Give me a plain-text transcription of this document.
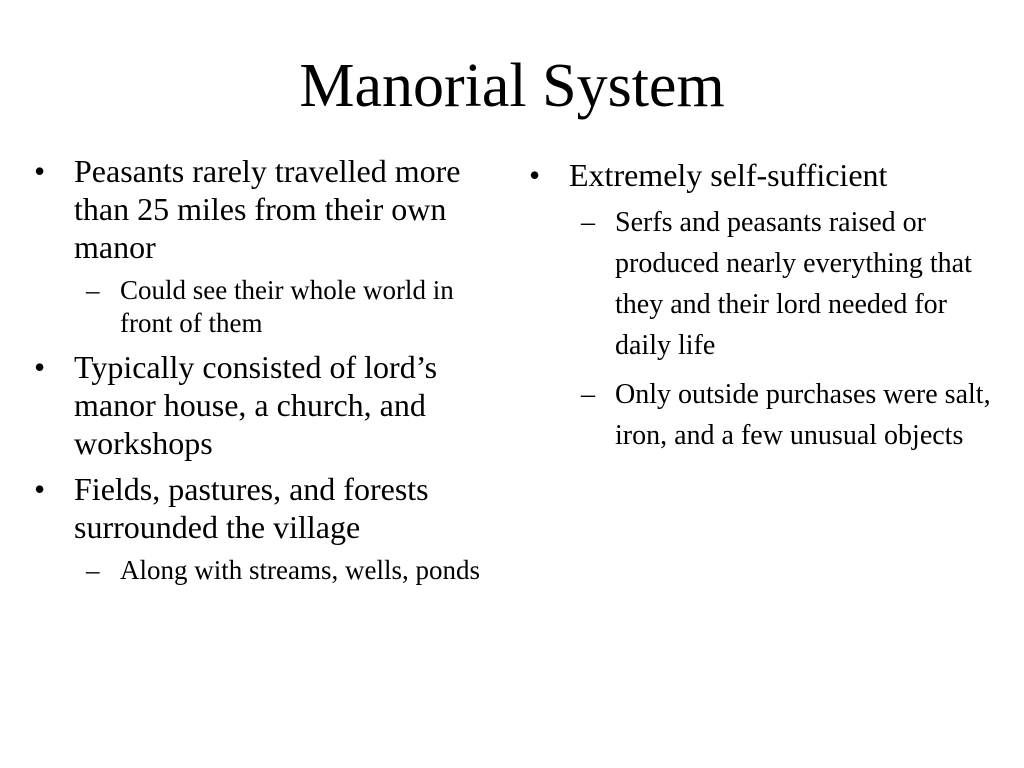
Manorial System
• Peasants rarely travelled more than 25 miles from their own manor
– Could see their whole world in front of them
• Typically consisted of lord’s manor house, a church, and workshops
• Fields, pastures, and forests surrounded the village
– Along with streams, wells, ponds
• Extremely self-sufficient
– Serfs and peasants raised or produced nearly everything that they and their lord needed for daily life
– Only outside purchases were salt, iron, and a few unusual objects
